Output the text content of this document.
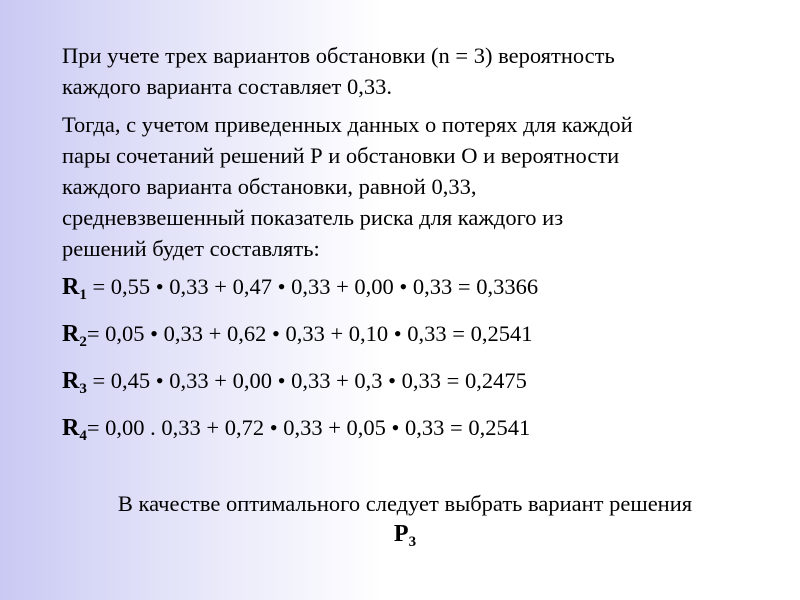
При учете трех вариантов обстановки (n = 3) вероятность
каждого варианта составляет 0,33.
Тогда, с учетом приведенных данных о потерях для каждой
пары сочетаний решений Р и обстановки О и вероятности
каждого варианта обстановки, равной 0,33,
средневзвешенный показатель риска для каждого из
решений будет составлять:
$R_1 = 0,55$ • 0,33 + 0,47 • 0,33 + 0,00 • 0,33 = 0,3366
$R_2= 0,05$ • 0,33 + 0,62 • 0,33 + 0,10 • 0,33 = 0,2541
$R_3 = 0,45$ • 0,33 + 0,00 • 0,33 + 0,3 • 0,33 = 0,2475
$R_4= 0,00$ . 0,33 + 0,72 • 0,33 + 0,05 • 0,33 = 0,2541
В качестве оптимального следует выбрать вариант решения
$P_3$
